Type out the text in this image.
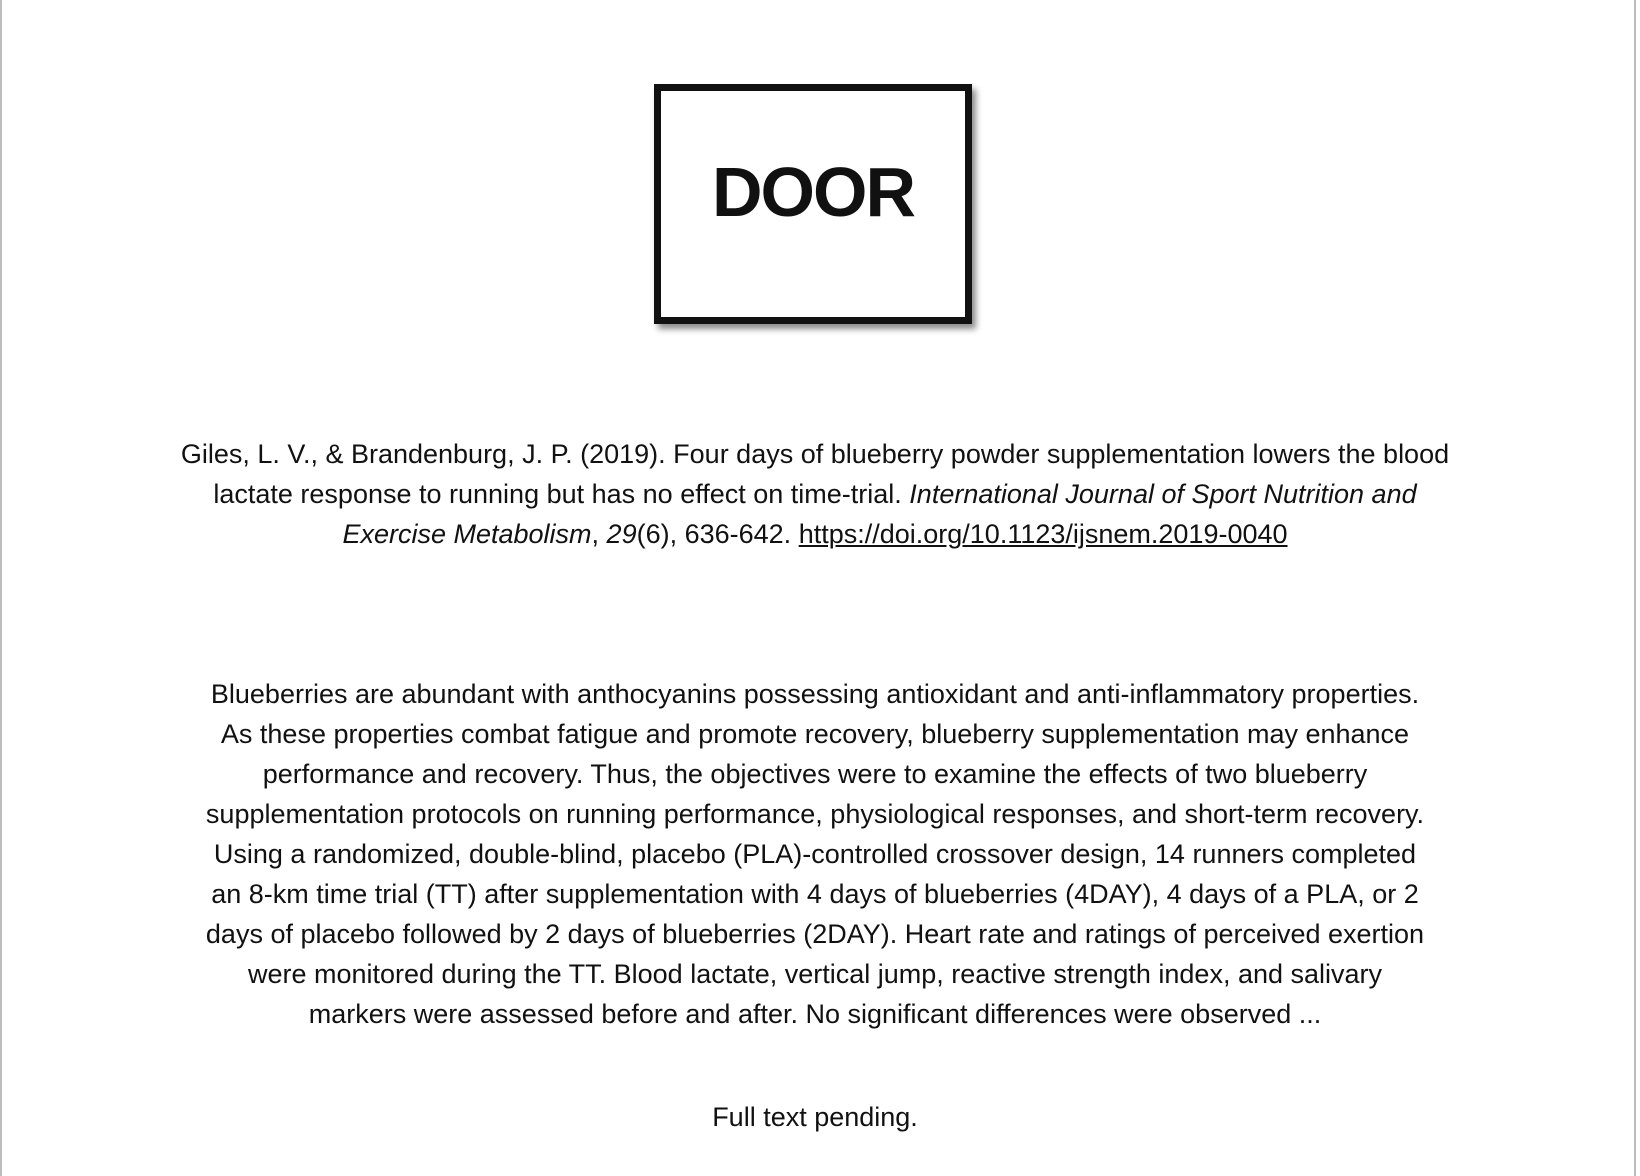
DOOR
Giles, L. V., & Brandenburg, J. P. (2019). Four days of blueberry powder supplementation lowers the blood lactate response to running but has no effect on time-trial. International Journal of Sport Nutrition and Exercise Metabolism, 29(6), 636-642. https://doi.org/10.1123/ijsnem.2019-0040
Blueberries are abundant with anthocyanins possessing antioxidant and anti-inflammatory properties. As these properties combat fatigue and promote recovery, blueberry supplementation may enhance performance and recovery. Thus, the objectives were to examine the effects of two blueberry supplementation protocols on running performance, physiological responses, and short-term recovery. Using a randomized, double-blind, placebo (PLA)-controlled crossover design, 14 runners completed an 8-km time trial (TT) after supplementation with 4 days of blueberries (4DAY), 4 days of a PLA, or 2 days of placebo followed by 2 days of blueberries (2DAY). Heart rate and ratings of perceived exertion were monitored during the TT. Blood lactate, vertical jump, reactive strength index, and salivary markers were assessed before and after. No significant differences were observed ...
Full text pending.
